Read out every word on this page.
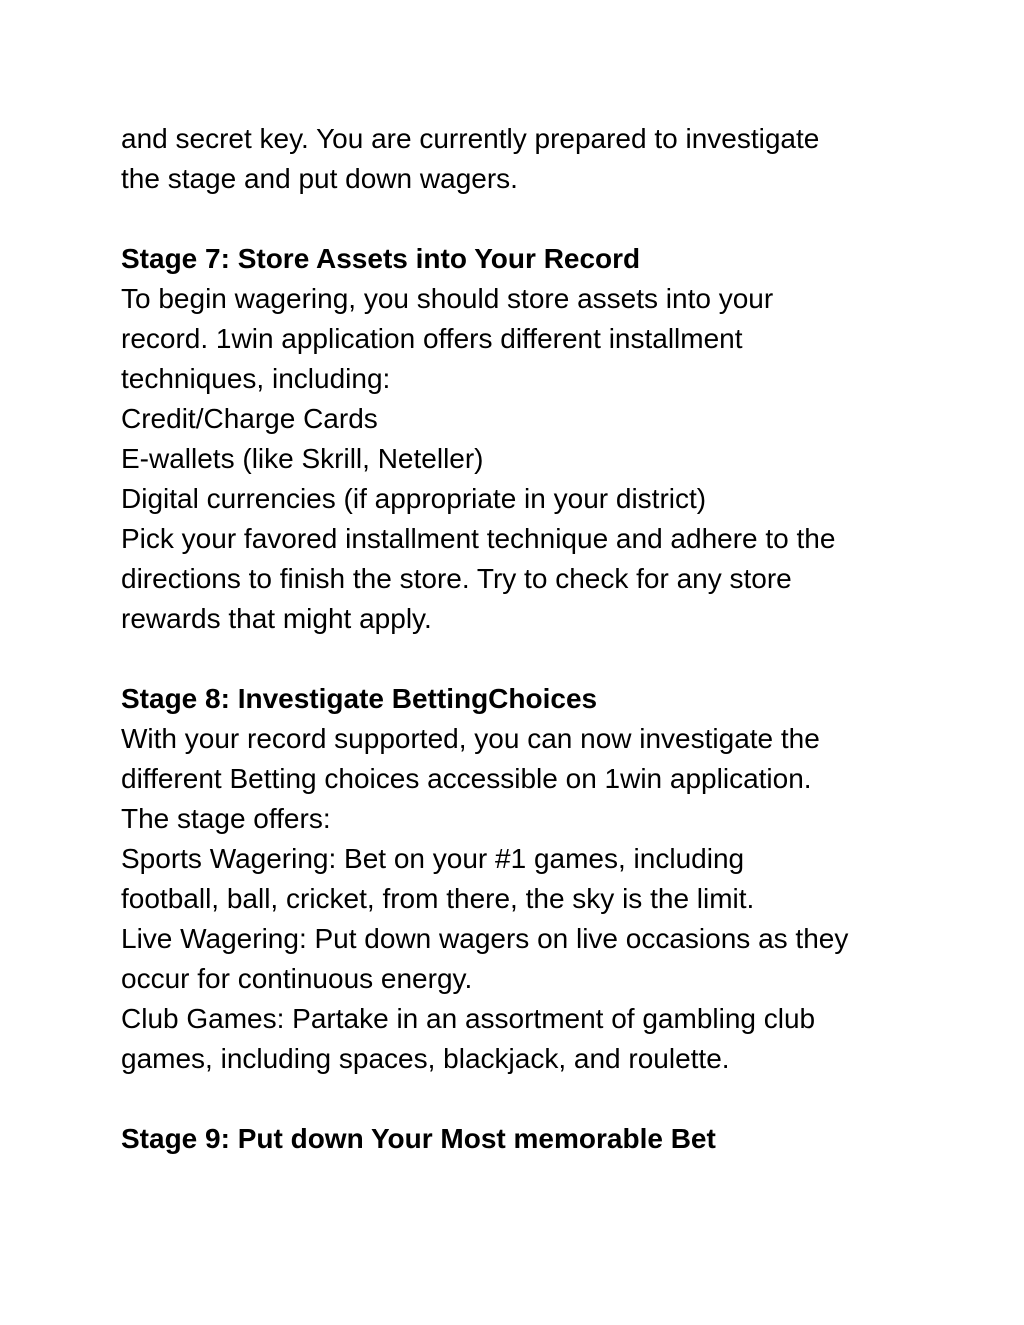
and secret key. You are currently prepared to investigate
the stage and put down wagers.
Stage 7: Store Assets into Your Record
To begin wagering, you should store assets into your
record. 1win application offers different installment
techniques, including:
Credit/Charge Cards
E-wallets (like Skrill, Neteller)
Digital currencies (if appropriate in your district)
Pick your favored installment technique and adhere to the
directions to finish the store. Try to check for any store
rewards that might apply.
Stage 8: Investigate BettingChoices
With your record supported, you can now investigate the
different Betting choices accessible on 1win application.
The stage offers:
Sports Wagering: Bet on your #1 games, including
football, ball, cricket, from there, the sky is the limit.
Live Wagering: Put down wagers on live occasions as they
occur for continuous energy.
Club Games: Partake in an assortment of gambling club
games, including spaces, blackjack, and roulette.
Stage 9: Put down Your Most memorable Bet
